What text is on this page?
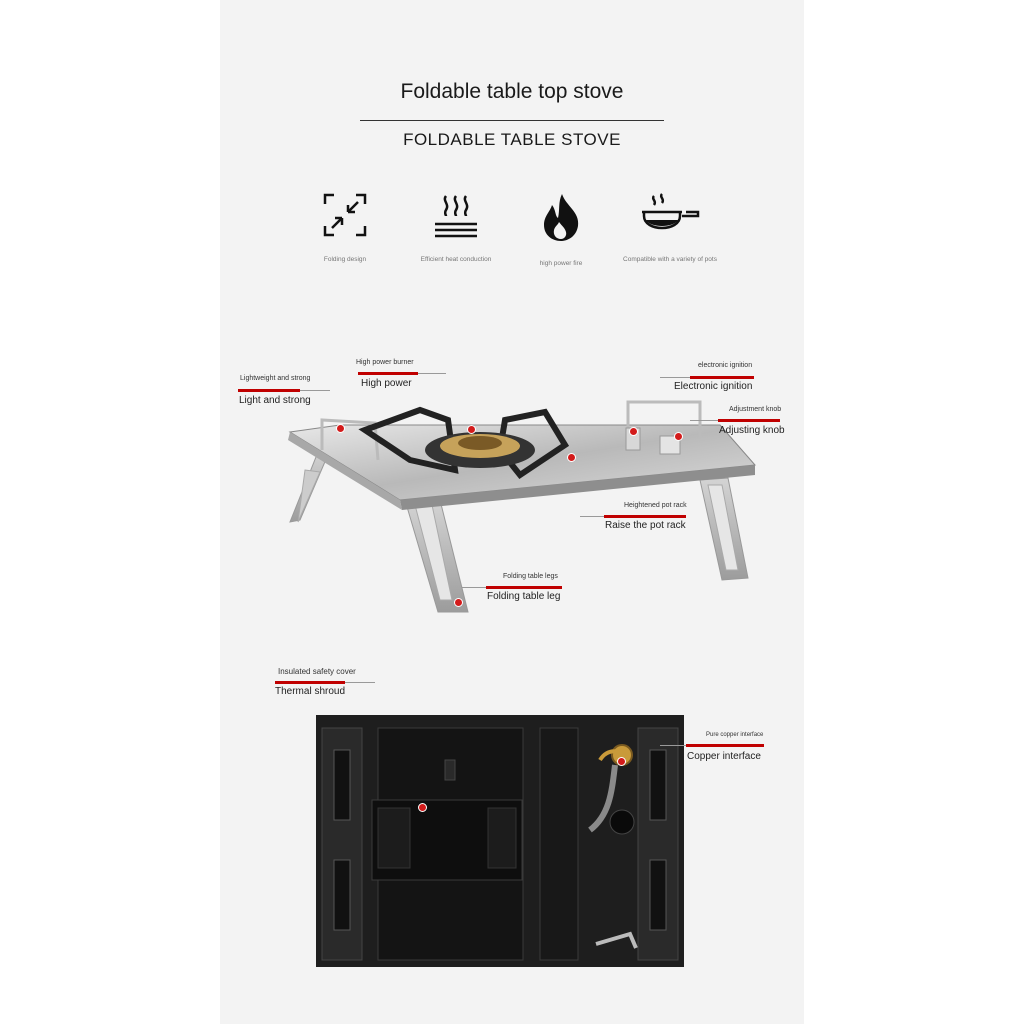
Foldable table top stove
FOLDABLE TABLE STOVE
Folding design	Efficient heat conduction
high power fire
Compatible with a variety of pots
Lightweight and strong
Light and strong
High power burner
High power
electronic ignition
Electronic ignition
Adjustment knob
Adjusting knob
Heightened pot rack
Raise the pot rack
Folding table legs
Folding table leg
Insulated safety cover
Thermal shroud
Pure copper interface
Copper interface
